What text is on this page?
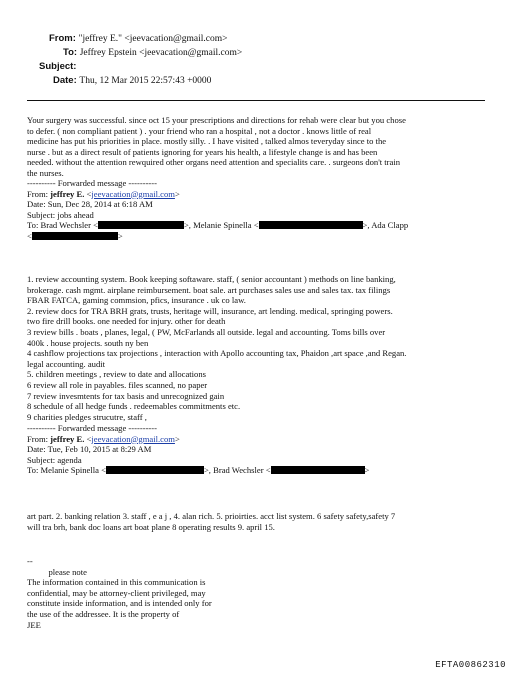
From: "jeffrey E." <jeevacation@gmail.com>
To: Jeffrey Epstein <jeevacation@gmail.com>
Subject:
Date: Thu, 12 Mar 2015 22:57:43 +0000
Your surgery was successful. since oct 15 your prescriptions and directions for rehab were clear but you chose
to defer. ( non compliant patient ) . your friend who ran a hospital , not a doctor . knows little of real
medicine has put his priorities in place. mostly silly. . I have visited , talked almos teveryday since to the
nurse . but as a direct result of patients ignoring for years his health, a lifestyle change is and has been
needed. without the attention rewquired other organs need attention and specialits care. . surgeons don't train
the nurses.
---------- Forwarded message ----------
From: jeffrey E. <jeevacation@gmail.com>
Date: Sun, Dec 28, 2014 at 6:18 AM
Subject: jobs ahead
To: Brad Wechsler <	>, Melanie Spinella <	>, Ada Clapp
<	>
1. review accounting system. Book keeping softaware. staff, ( senior accountant ) methods on line banking,
brokerage. cash mgmt. airplane reimbursement. boat sale. art purchases sales use and sales tax. tax filings
FBAR FATCA, gaming commsion, pfics, insurance . uk co law.
2. review docs for TRA BRH grats, trusts, heritage will, insurance, art lending. medical, springing powers.
two fire drill books. one needed for injury. other for death
3 review bills . boats , planes, legal, ( PW, McFarlands all outside. legal and accounting. Toms bills over
400k . house projects. south ny ben
4 cashflow projections tax projections , interaction with Apollo accounting tax, Phaidon ,art space ,and Regan.
legal accounting. audit
5. children meetings , review to date and allocations
6 review all role in payables. files scanned, no paper
7 review invesmtents for tax basis and unrecognized gain
8 schedule of all hedge funds . redeemables commitments etc.
9 charities pledges strucutre, staff ,
---------- Forwarded message ----------
From: jeffrey E. <jeevacation@gmail.com>
Date: Tue, Feb 10, 2015 at 8:29 AM
Subject: agenda
To: Melanie Spinella <	>, Brad Wechsler <	>
art part. 2. banking relation 3. staff , e a j , 4. alan rich. 5. prioirties. acct list system. 6 safety safety,safety 7
will tra brh, bank doc loans art boat plane 8 operating results 9. april 15.
--
please note
The information contained in this communication is
confidential, may be attorney-client privileged, may
constitute inside information, and is intended only for
the use of the addressee. It is the property of
JEE
EFTA00862310
